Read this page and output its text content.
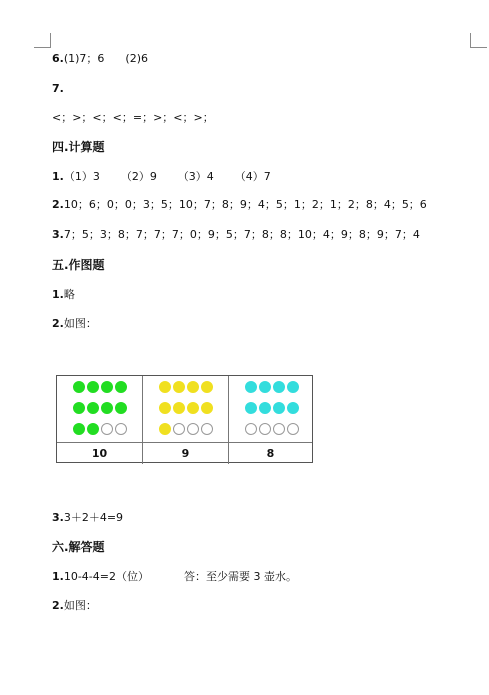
6.(1)7；6      (2)6
7.
<；>；<；<；=；>；<；>；
四.计算题
1.（1）3      （2）9      （3）4      （4）7
2.10；6；0；0；3；5；10；7；8；9；4；5；1；2；1；2；8；4；5；6
3.7；5；3；8；7；7；7；0；9；5；7；8；8；10；4；9；8；9；7；4
五.作图题
1.略
2.如图：
3.3＋2＋4=9
六.解答题
1.10-4-4=2（位）          答：至少需要 3 壶水。
2.如图：
10	9	8
